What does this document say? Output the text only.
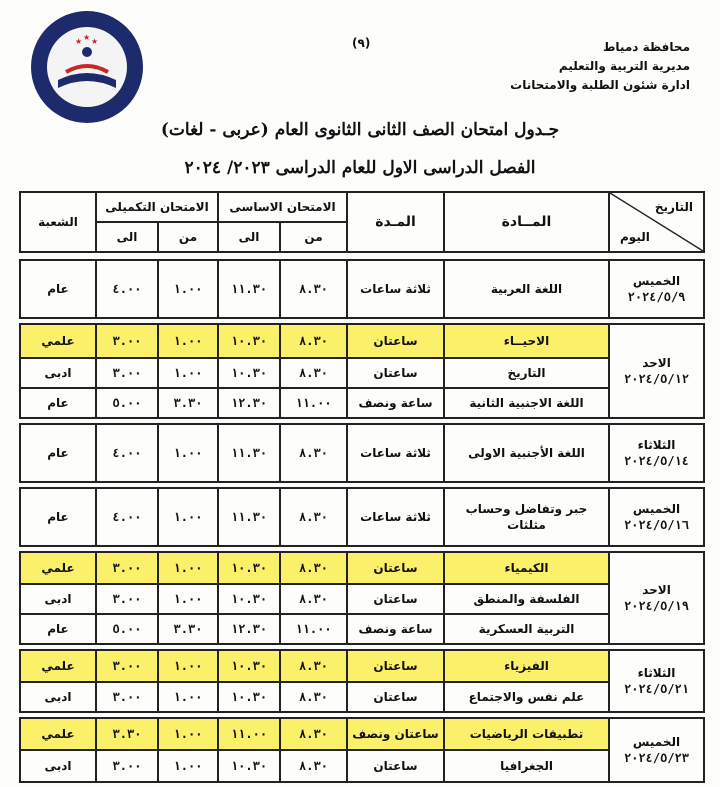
★ ★ ★	(٩)	محافظة دمياط
مديرية التربية والتعليم
ادارة شئون الطلبة والامتحانات
جـدول امتحان الصف الثانى الثانوى العام (عربى - لغات)
الفصل الدراسى الاول للعام الدراسى ٢٠٢٣/ ٢٠٢٤
التاريخ
اليوم
المــادة
المـدة
الامتحان الاساسى
من
الى
الامتحان التكميلى
من
الى
الشعبة
الخميس
٢٠٢٤/٥/٩
اللغة العربية
ثلاثة ساعات
٨.٣٠
١١.٣٠
١.٠٠
٤.٠٠
عام
الاحد
٢٠٢٤/٥/١٢
الاحيــاء
ساعتان
٨.٣٠
١٠.٣٠
١.٠٠
٣.٠٠
علمي
التاريخ
ساعتان
٨.٣٠
١٠.٣٠
١.٠٠
٣.٠٠
ادبى
اللغة الاجنبية الثانية
ساعة ونصف
١١.٠٠
١٢.٣٠
٣.٣٠
٥.٠٠
عام
الثلاثاء
٢٠٢٤/٥/١٤
اللغة الأجنبية الاولى
ثلاثة ساعات
٨.٣٠
١١.٣٠
١.٠٠
٤.٠٠
عام
الخميس
٢٠٢٤/٥/١٦
جبر وتفاضل وحساب مثلثات
ثلاثة ساعات
٨.٣٠
١١.٣٠
١.٠٠
٤.٠٠
عام
الاحد
٢٠٢٤/٥/١٩
الكيمياء
ساعتان
٨.٣٠
١٠.٣٠
١.٠٠
٣.٠٠
علمي
الفلسفة والمنطق
ساعتان
٨.٣٠
١٠.٣٠
١.٠٠
٣.٠٠
ادبى
التربية العسكرية
ساعة ونصف
١١.٠٠
١٢.٣٠
٣.٣٠
٥.٠٠
عام
الثلاثاء
٢٠٢٤/٥/٢١
الفيزياء
ساعتان
٨.٣٠
١٠.٣٠
١.٠٠
٣.٠٠
علمي
علم نفس والاجتماع
ساعتان
٨.٣٠
١٠.٣٠
١.٠٠
٣.٠٠
ادبى
الخميس
٢٠٢٤/٥/٢٣
تطبيقات الرياضيات
ساعتان ونصف
٨.٣٠
١١.٠٠
١.٠٠
٣.٣٠
علمي
الجغرافيا
ساعتان
٨.٣٠
١٠.٣٠
١.٠٠
٣.٠٠
ادبى
